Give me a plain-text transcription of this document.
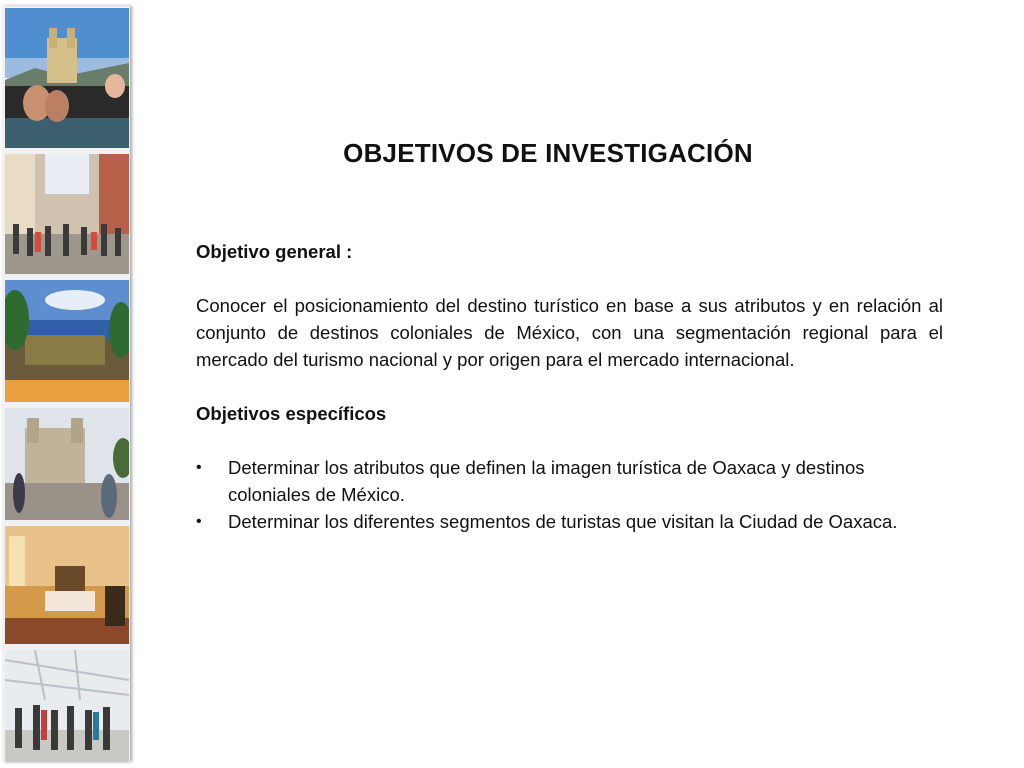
OBJETIVOS DE INVESTIGACIÓN

Objetivo general :

Conocer el posicionamiento del destino turístico en base a sus atributos y en relación al conjunto de destinos coloniales de México, con una segmentación regional para el mercado del turismo nacional y por origen para el mercado internacional.

Objetivos específicos

•	Determinar los atributos que definen la imagen turística de Oaxaca y destinos coloniales de México.
•	Determinar los diferentes segmentos de turistas que visitan la Ciudad de Oaxaca.
